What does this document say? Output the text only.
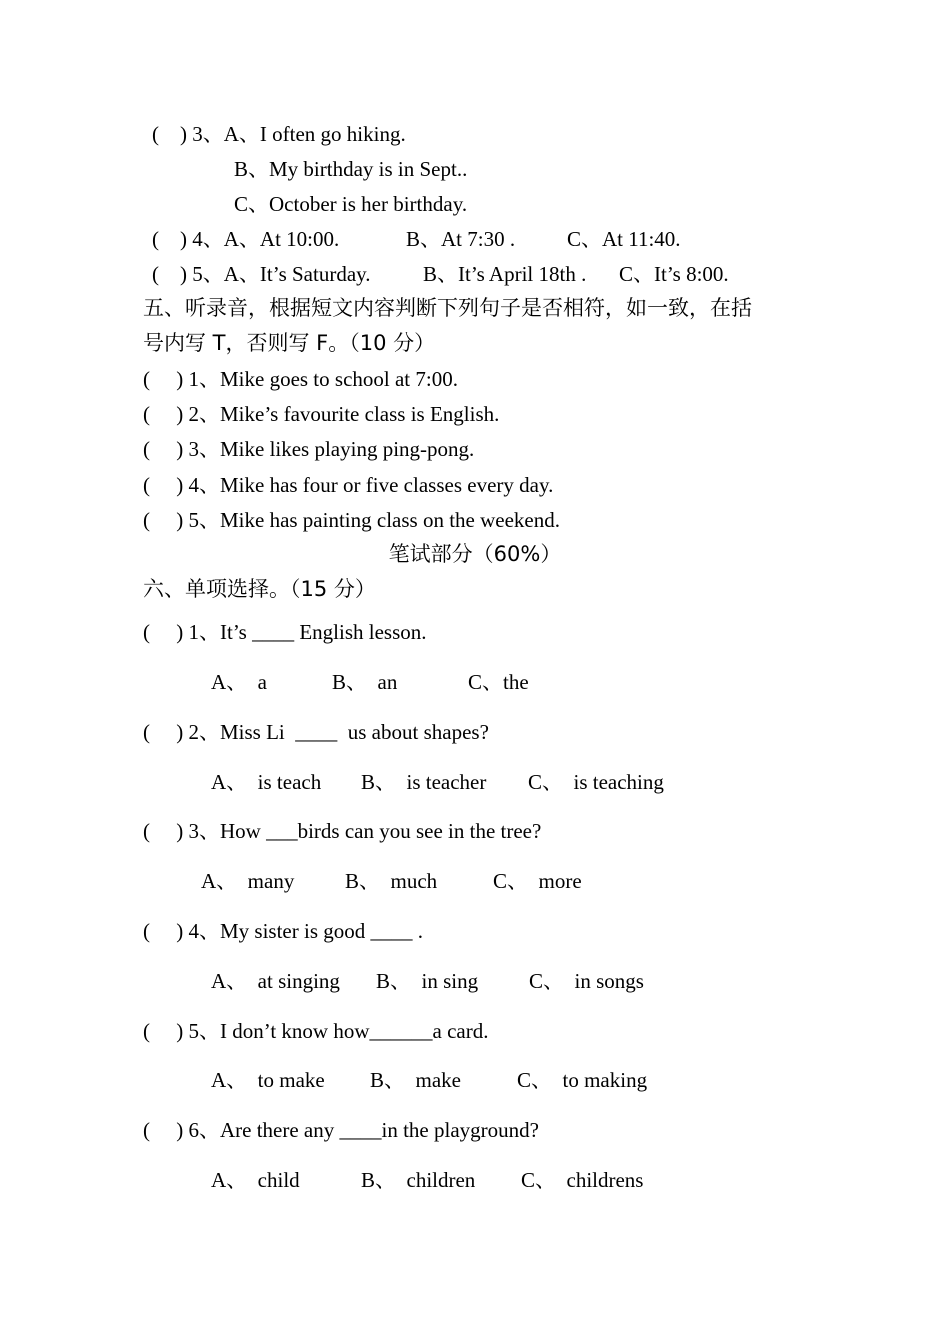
(    ) 3、A、I often go hiking.
B、My birthday is in Sept..
C、October is her birthday.
(    ) 4、A、At 10:00.	B、At 7:30 . C、At 11:40.
(    ) 5、A、It’s Saturday. B、It’s April 18th . C、It’s 8:00.
五、听录音，根据短文内容判断下列句子是否相符，如一致，在括
号内写 T，否则写 F。（10 分）
(     ) 1、Mike goes to school at 7:00.
(     ) 2、Mike’s favourite class is English.
(     ) 3、Mike likes playing ping-pong.
(     ) 4、Mike has four or five classes every day.
(     ) 5、Mike has painting class on the weekend.
笔试部分（60%）
六、单项选择。（15 分）
(     ) 1、It’s ____ English lesson.
A、  a	B、  an	C、the
(     ) 2、Miss Li  ____  us about shapes?
A、  is teach B、  is teacher C、  is teaching
(     ) 3、How ___birds can you see in the tree?
A、  many B、  much	C、  more
(     ) 4、My sister is good ____ .
A、  at singing B、  in sing C、  in songs
(     ) 5、I don’t know how______a card.
A、  to make B、  make	C、  to making
(     ) 6、Are there any ____in the playground?
A、  child	B、  children C、  childrens
